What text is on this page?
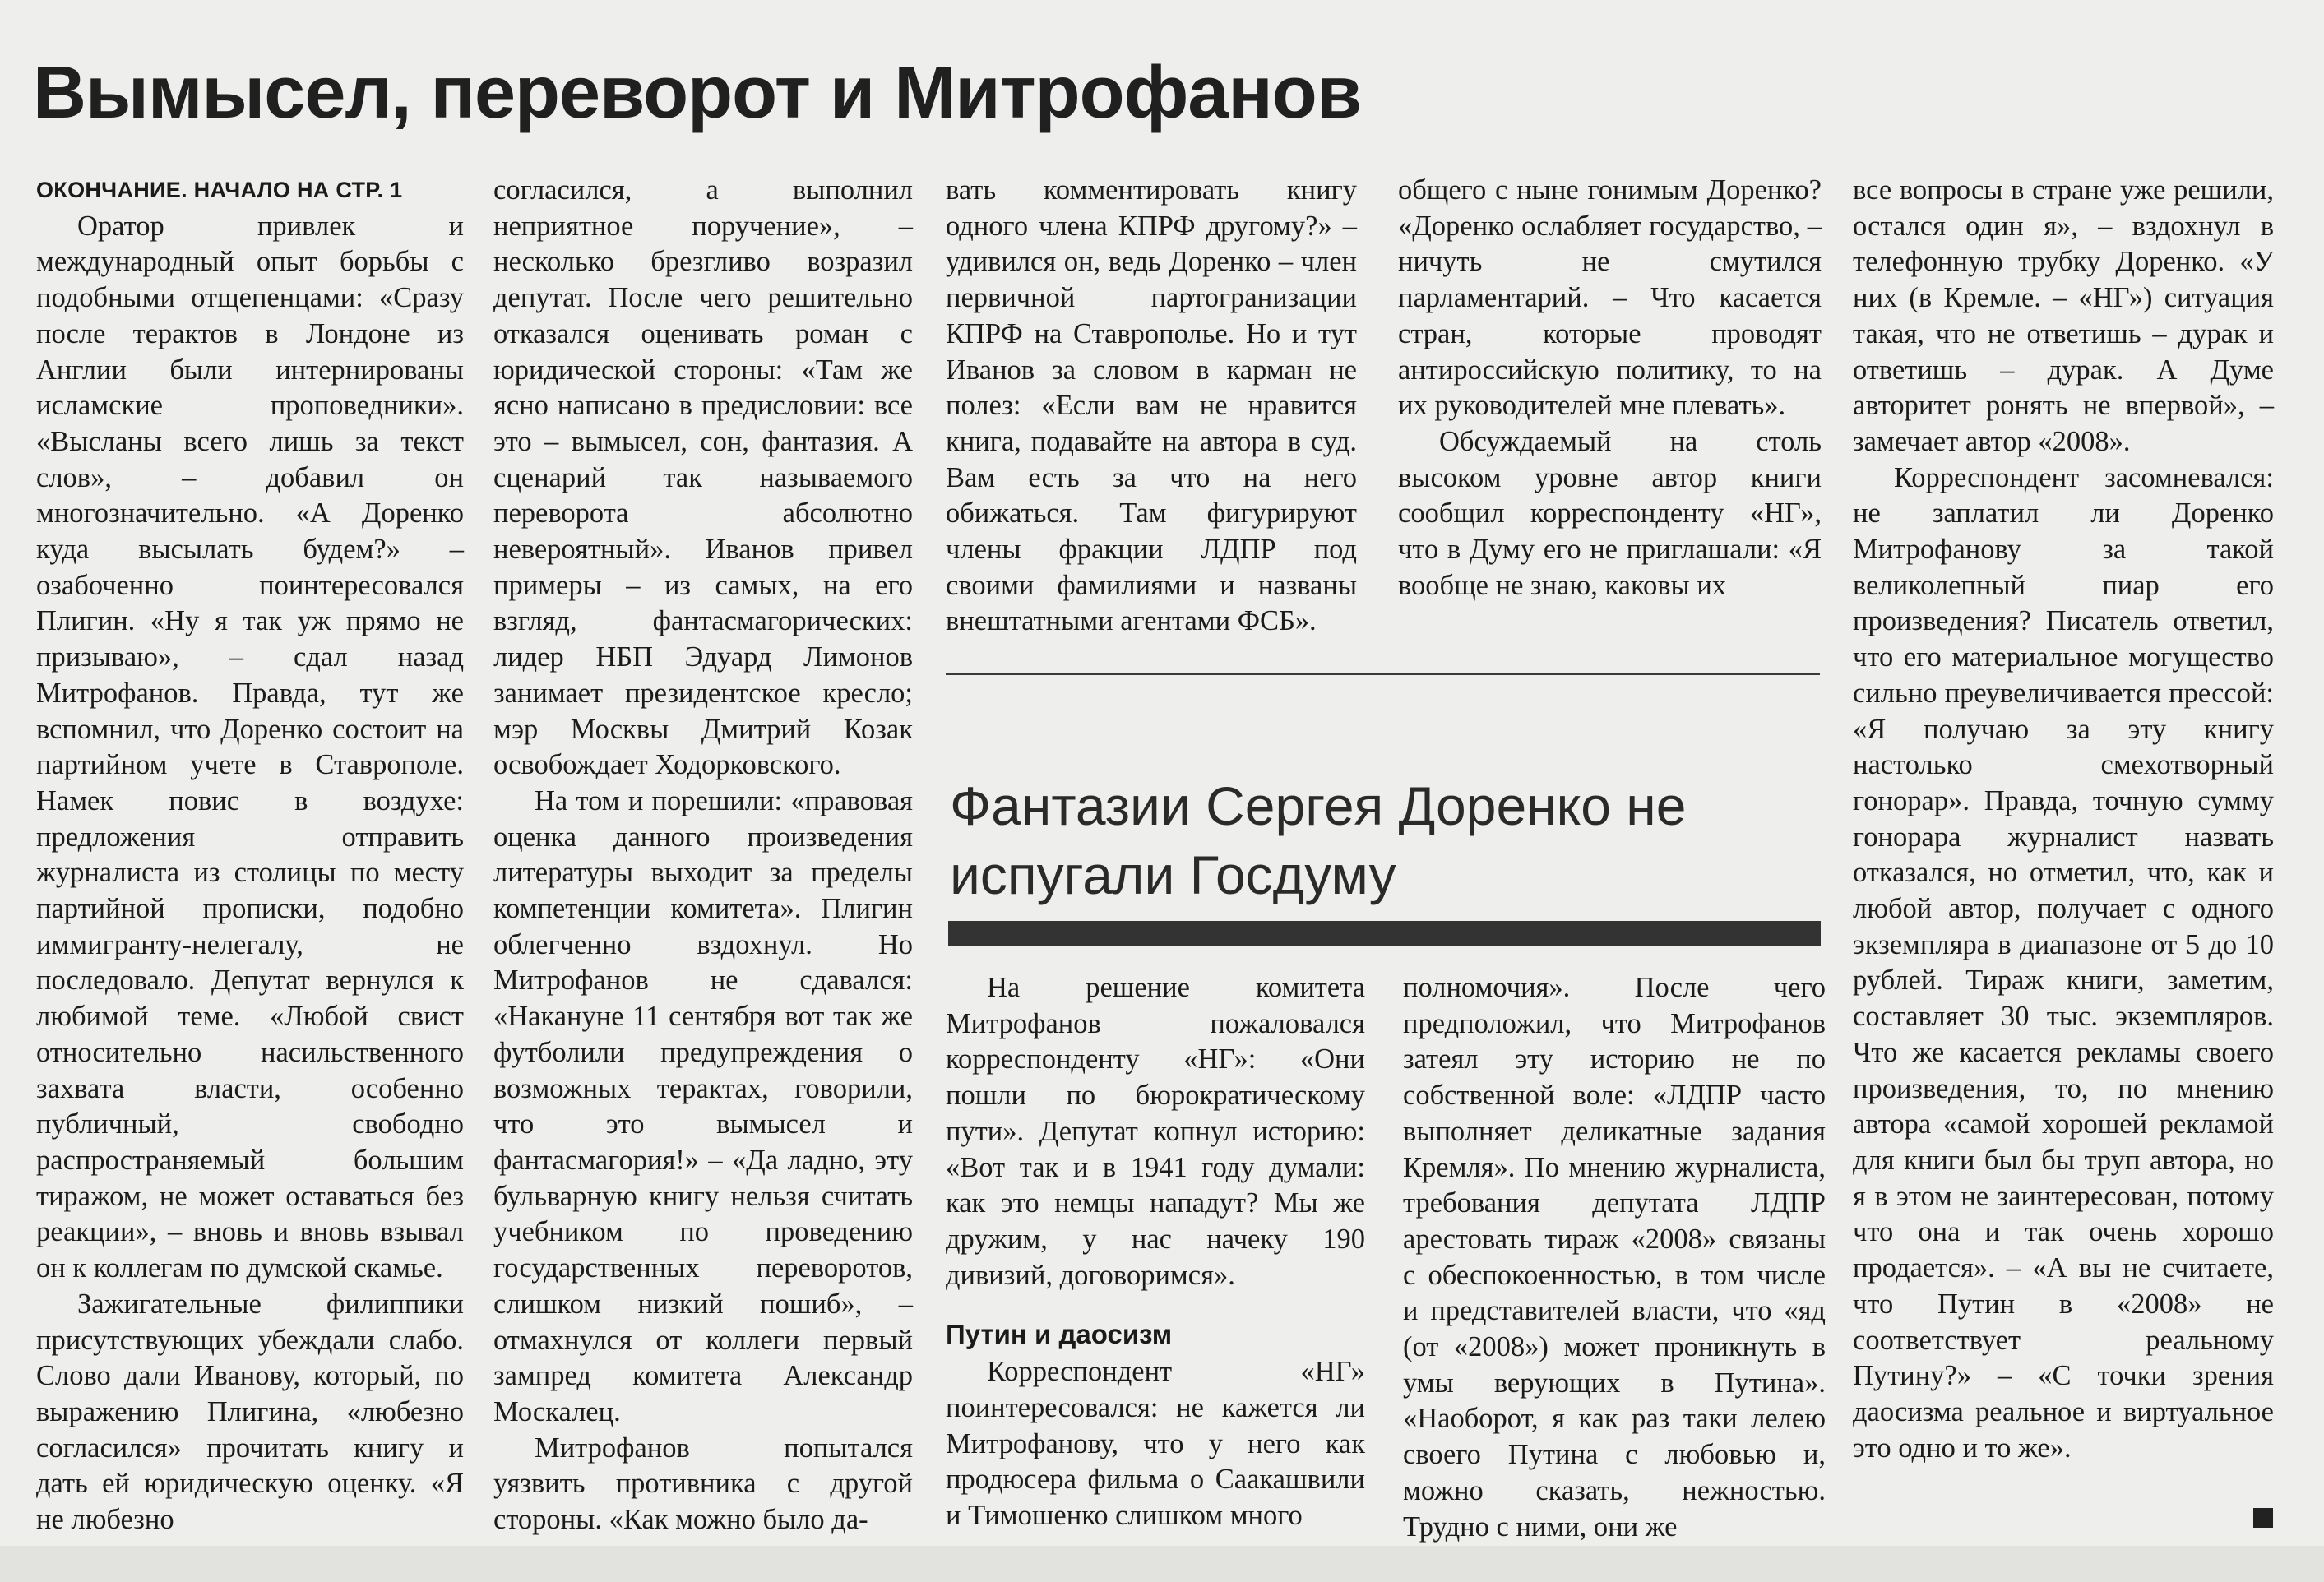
Вымысел, переворот и Митрофанов
ОКОНЧАНИЕ. НАЧАЛО НА СТР. 1

Оратор привлек и международный опыт борьбы с подобными отщепенцами: «Сразу после терактов в Лондоне из Англии были интернированы исламские проповедники». «Высланы всего лишь за текст слов», – добавил он многозначительно. «А Доренко куда высылать будем?» – озабоченно поинтересовался Плигин. «Ну я так уж прямо не призываю», – сдал назад Митрофанов. Правда, тут же вспомнил, что Доренко состоит на партийном учете в Ставрополе. Намек повис в воздухе: предложения отправить журналиста из столицы по месту партийной прописки, подобно иммигранту-нелегалу, не последовало. Депутат вернулся к любимой теме. «Любой свист относительно насильственного захвата власти, особенно публичный, свободно распространяемый большим тиражом, не может оставаться без реакции», – вновь и вновь взывал он к коллегам по думской скамье.

Зажигательные филиппики присутствующих убеждали слабо. Слово дали Иванову, который, по выражению Плигина, «любезно согласился» прочитать книгу и дать ей юридическую оценку. «Я не любезно

согласился, а выполнил неприятное поручение», – несколько брезгливо возразил депутат. После чего решительно отказался оценивать роман с юридической стороны: «Там же ясно написано в предисловии: все это – вымысел, сон, фантазия. А сценарий так называемого переворота абсолютно невероятный». Иванов привел примеры – из самых, на его взгляд, фантасмагорических: лидер НБП Эдуард Лимонов занимает президентское кресло; мэр Москвы Дмитрий Козак освобождает Ходорковского.

На том и порешили: «правовая оценка данного произведения литературы выходит за пределы компетенции комитета». Плигин облегченно вздохнул. Но Митрофанов не сдавался: «Накануне 11 сентября вот так же футболили предупреждения о возможных терактах, говорили, что это вымысел и фантасмагория!» – «Да ладно, эту бульварную книгу нельзя считать учебником по проведению государственных переворотов, слишком низкий пошиб», – отмахнулся от коллеги первый зампред комитета Александр Москалец.

Митрофанов попытался уязвить противника с другой стороны. «Как можно было да-

вать комментировать книгу одного члена КПРФ другому?» – удивился он, ведь Доренко – член первичной партогранизации КПРФ на Ставрополье. Но и тут Иванов за словом в карман не полез: «Если вам не нравится книга, подавайте на автора в суд. Вам есть за что на него обижаться. Там фигурируют члены фракции ЛДПР под своими фамилиями и названы внештатными агентами ФСБ».

общего с ныне гонимым Доренко? «Доренко ослабляет государство, – ничуть не смутился парламентарий. – Что касается стран, которые проводят антироссийскую политику, то на их руководителей мне плевать».

Обсуждаемый на столь высоком уровне автор книги сообщил корреспонденту «НГ», что в Думу его не приглашали: «Я вообще не знаю, каковы их

все вопросы в стране уже решили, остался один я», – вздохнул в телефонную трубку Доренко. «У них (в Кремле. – «НГ») ситуация такая, что не ответишь – дурак и ответишь – дурак. А Думе авторитет ронять не впервой», – замечает автор «2008».

Корреспондент засомневался: не заплатил ли Доренко Митрофанову за такой великолепный пиар его произведения? Писатель ответил, что его материальное могущество сильно преувеличивается прессой: «Я получаю за эту книгу настолько смехотворный гонорар». Правда, точную сумму гонорара журналист назвать отказался, но отметил, что, как и любой автор, получает с одного экземпляра в диапазоне от 5 до 10 рублей. Тираж книги, заметим, составляет 30 тыс. экземпляров. Что же касается рекламы своего произведения, то, по мнению автора «самой хорошей рекламой для книги был бы труп автора, но я в этом не заинтересован, потому что она и так очень хорошо продается». – «А вы не считаете, что Путин в «2008» не соответствует реальному Путину?» – «С точки зрения даосизма реальное и виртуальное это одно и то же».

Фантазии Сергея Доренко не испугали Госдуму

На решение комитета Митрофанов пожаловался корреспонденту «НГ»: «Они пошли по бюрократическому пути». Депутат копнул историю: «Вот так и в 1941 году думали: как это немцы нападут? Мы же дружим, у нас начеку 190 дивизий, договоримся».

Путин и даосизм

Корреспондент «НГ» поинтересовался: не кажется ли Митрофанову, что у него как продюсера фильма о Саакашвили и Тимошенко слишком много

полномочия». После чего предположил, что Митрофанов затеял эту историю не по собственной воле: «ЛДПР часто выполняет деликатные задания Кремля». По мнению журналиста, требования депутата ЛДПР арестовать тираж «2008» связаны с обеспокоенностью, в том числе и представителей власти, что «яд (от «2008») может проникнуть в умы верующих в Путина». «Наоборот, я как раз таки лелею своего Путина с любовью и, можно сказать, нежностью. Трудно с ними, они же
